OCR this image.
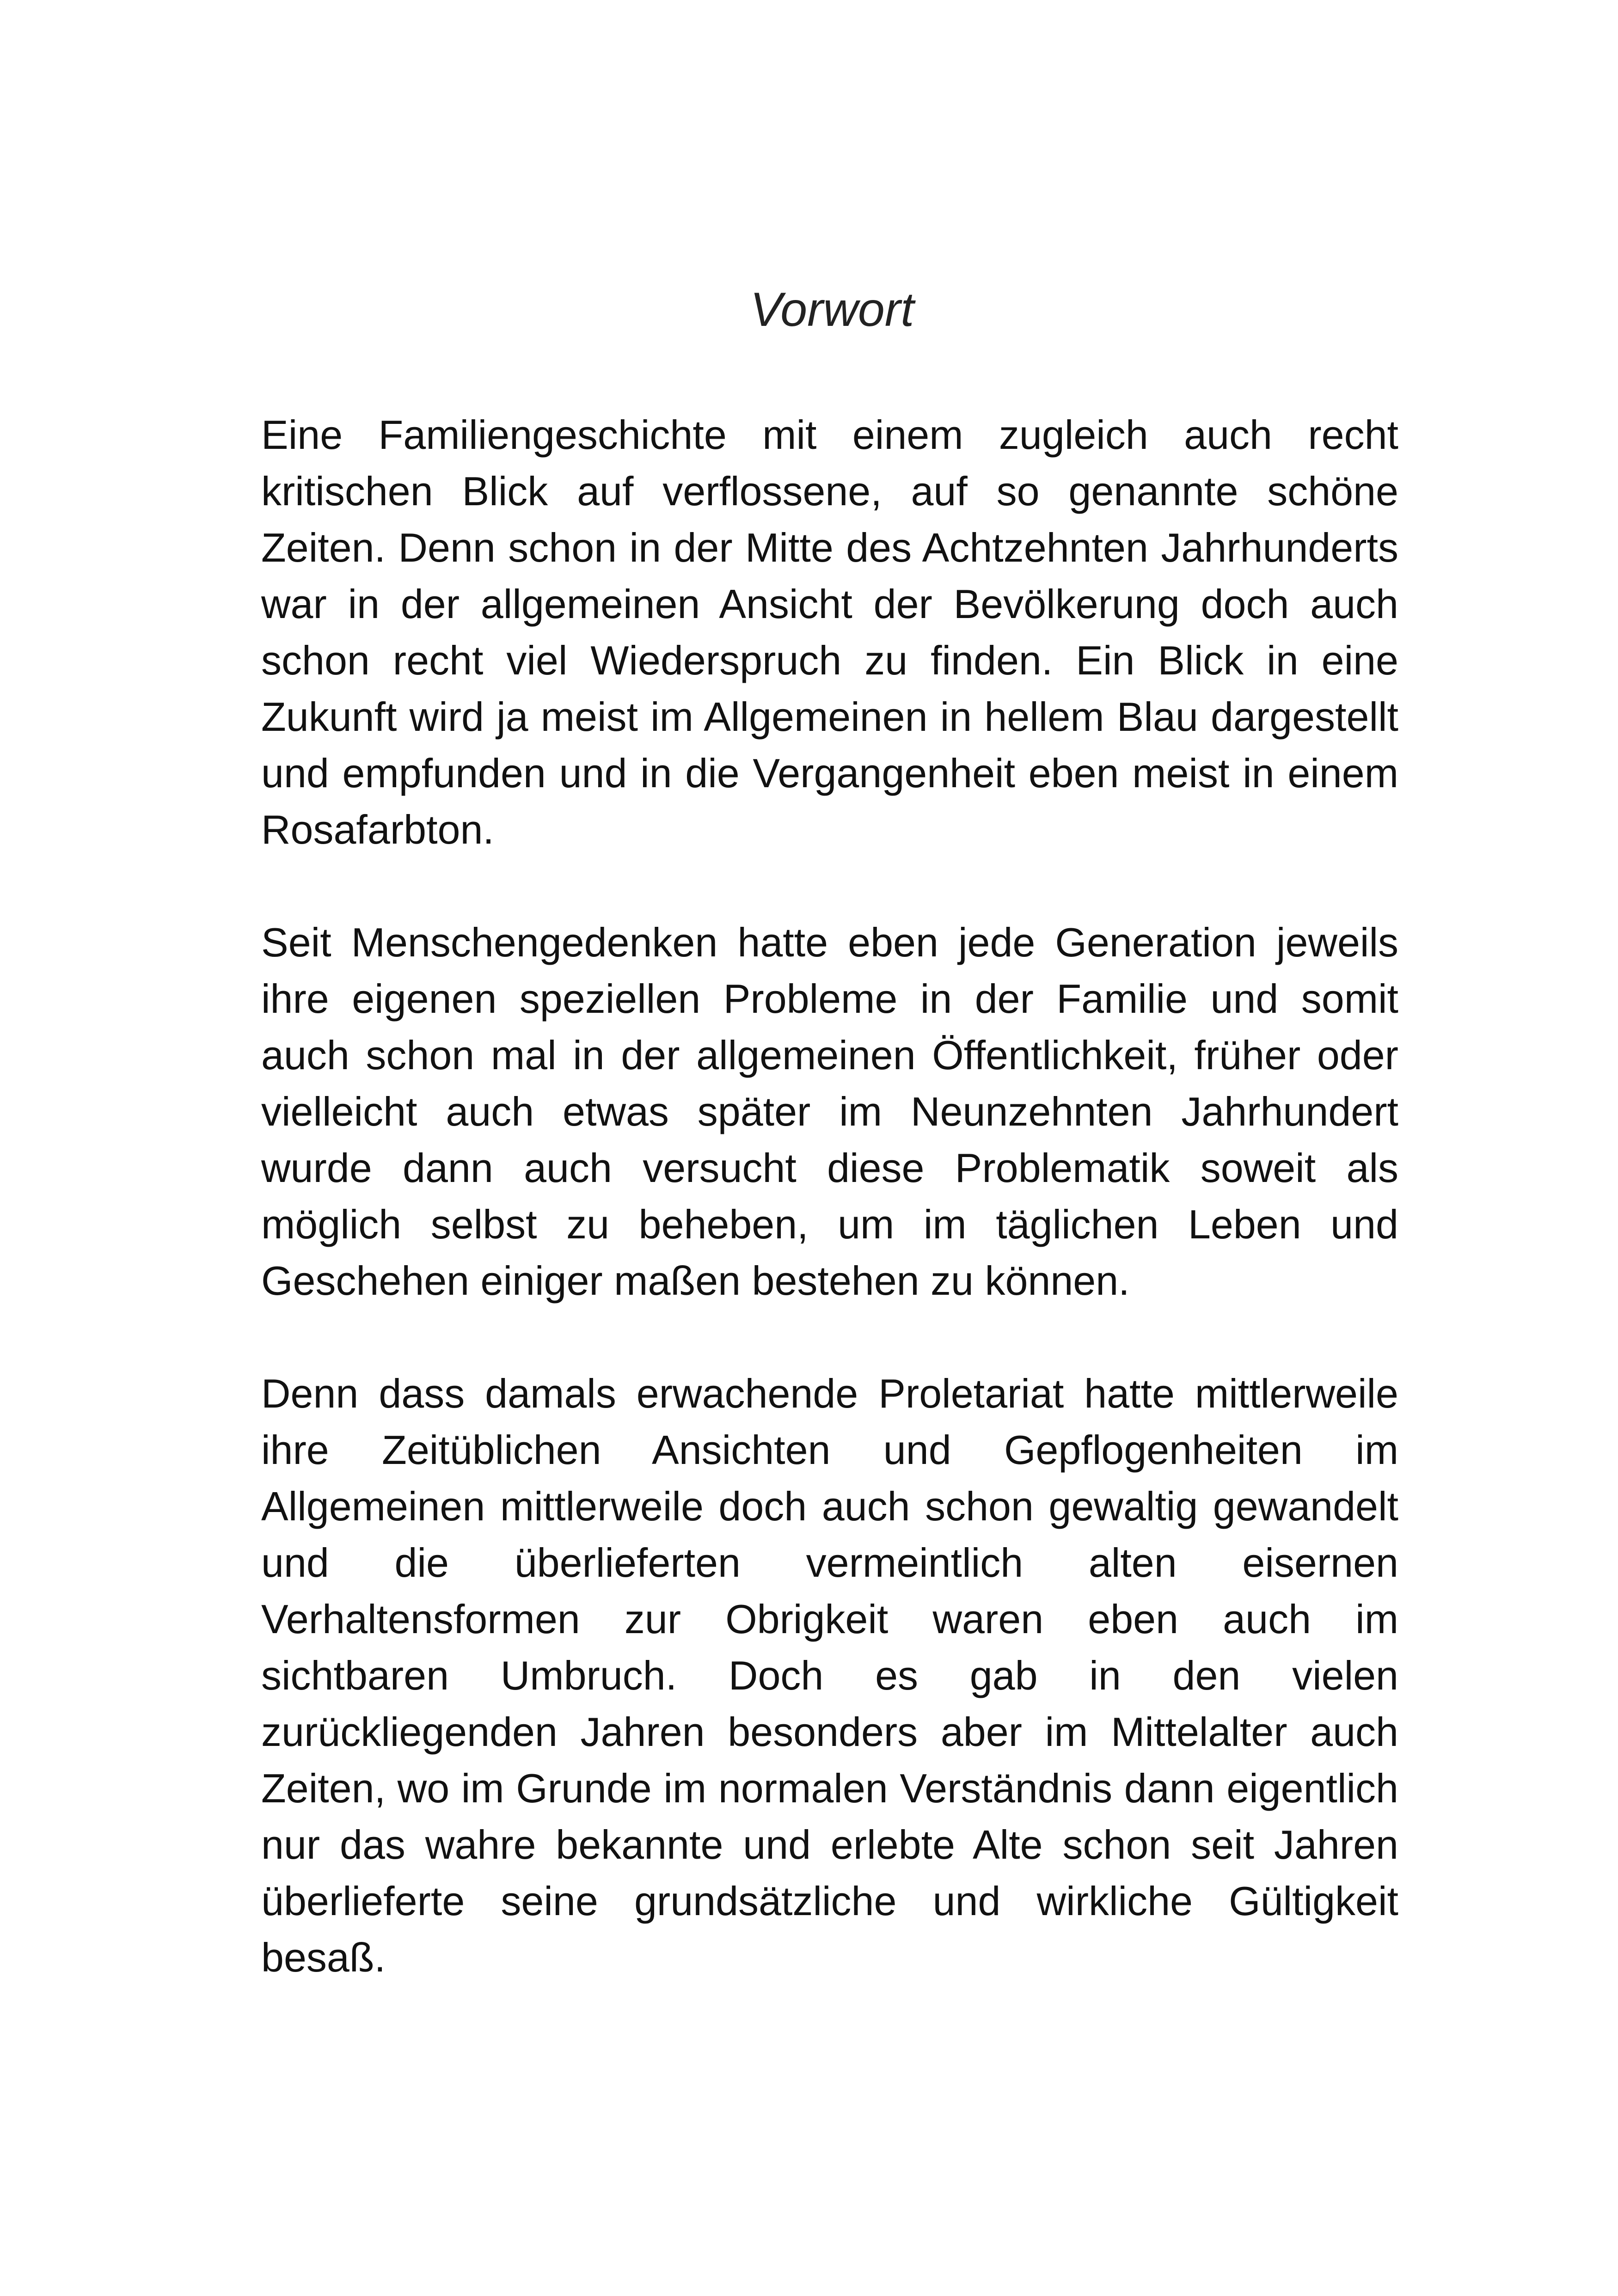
Vorwort

Eine Familiengeschichte mit einem zugleich auch recht kritischen Blick auf verflossene, auf so genannte schöne Zeiten. Denn schon in der Mitte des Achtzehnten Jahrhunderts war in der allgemeinen Ansicht der Bevölkerung doch auch schon recht viel Wiederspruch zu finden. Ein Blick in eine Zukunft wird ja meist im Allgemeinen in hellem Blau dargestellt und empfunden und in die Vergangenheit eben meist in einem Rosafarbton.

Seit Menschengedenken hatte eben jede Generation jeweils ihre eigenen speziellen Probleme in der Familie und somit auch schon mal in der allgemeinen Öffentlichkeit, früher oder vielleicht auch etwas später im Neunzehnten Jahrhundert wurde dann auch versucht diese Problematik soweit als möglich selbst zu beheben, um im täglichen Leben und Geschehen einiger maßen bestehen zu können.

Denn dass damals erwachende Proletariat hatte mittlerweile ihre Zeitüblichen Ansichten und Gepflogenheiten im Allgemeinen mittlerweile doch auch schon gewaltig gewandelt und die überlieferten vermeintlich alten eisernen Verhaltensformen zur Obrigkeit waren eben auch im sichtbaren Umbruch. Doch es gab in den vielen zurückliegenden Jahren besonders aber im Mittelalter auch Zeiten, wo im Grunde im normalen Verständnis dann eigentlich nur das wahre bekannte und erlebte Alte schon seit Jahren überlieferte seine grundsätzliche und wirkliche Gültigkeit besaß.
